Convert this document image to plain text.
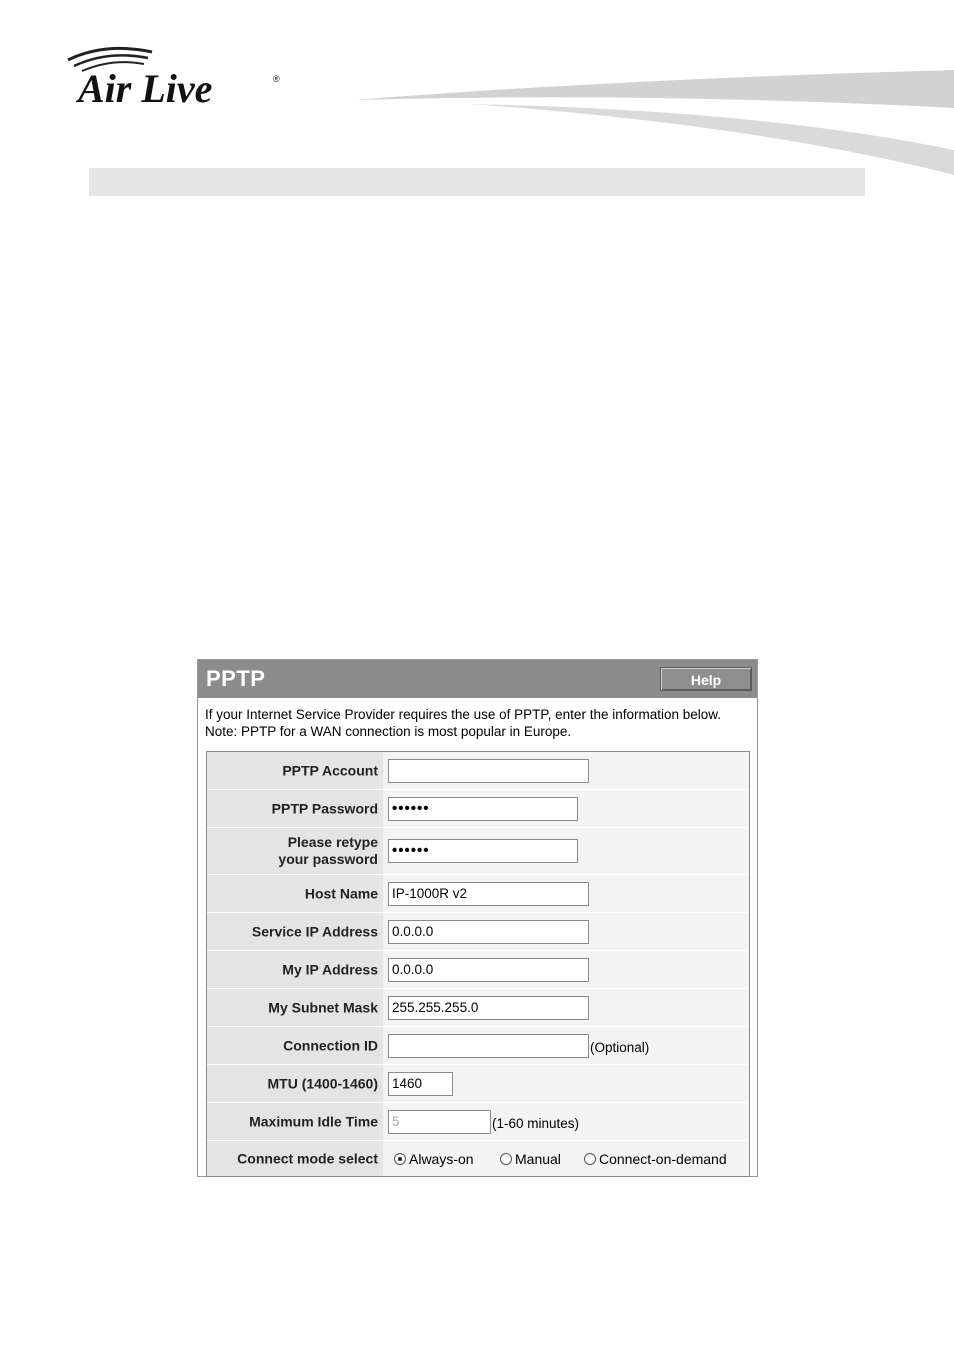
Air Live	®
PPTP	Help
If your Internet Service Provider requires the use of PPTP, enter the information below.
Note: PPTP for a WAN connection is most popular in Europe.
PPTP Account
PPTP Password ••••••
Please retype
your password ••••••
Host Name IP-1000R v2
Service IP Address 0.0.0.0
My IP Address 0.0.0.0
My Subnet Mask 255.255.255.0
Connection ID	(Optional)
MTU (1400-1460) 1460
Maximum Idle Time 5	(1-60 minutes)
Connect mode select Always-on	Manual	Connect-on-demand
